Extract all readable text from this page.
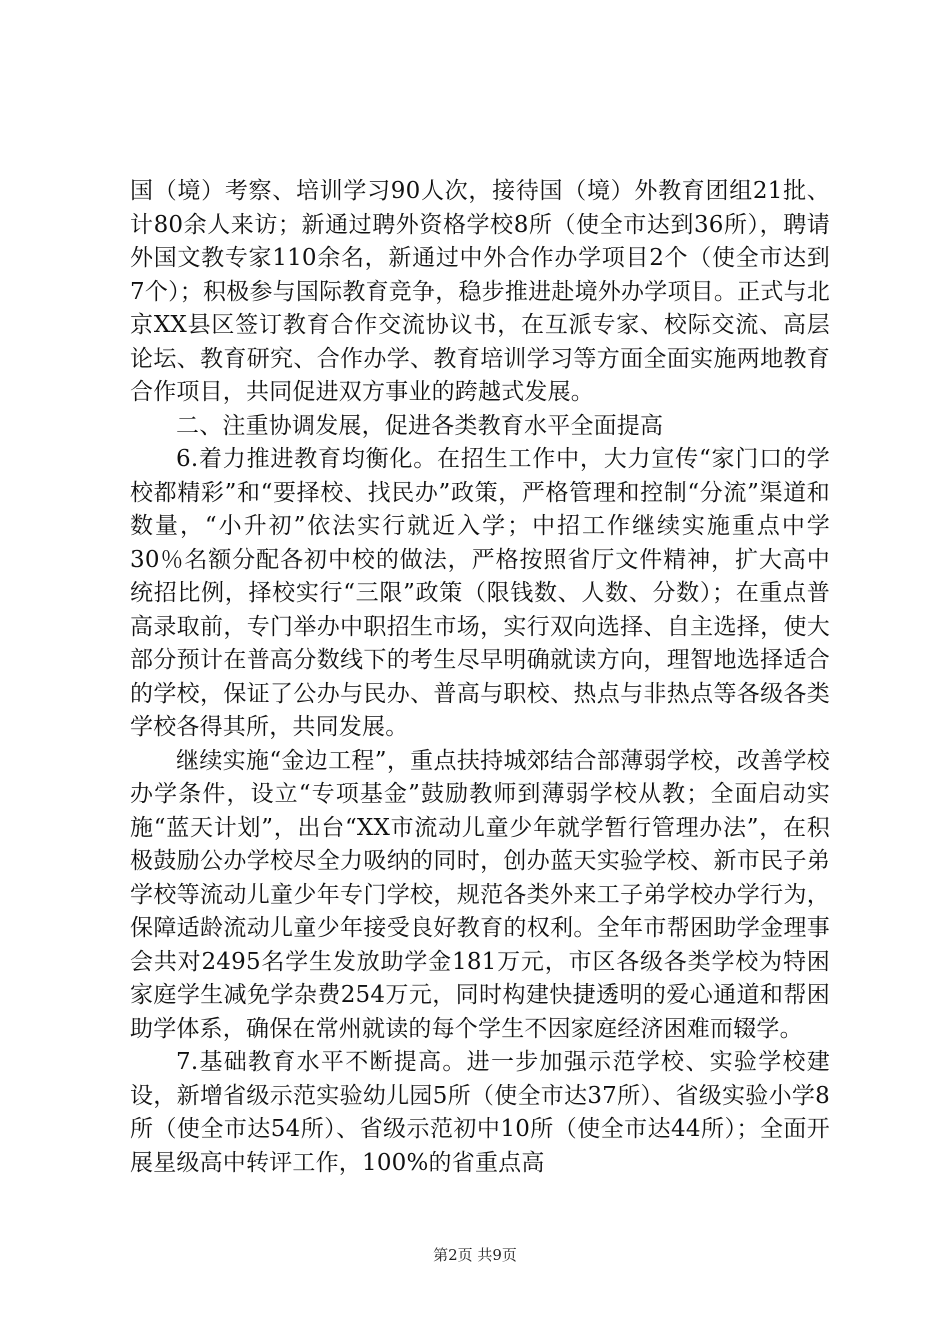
国（境）考察、培训学习90人次，接待国（境）外教育团组21批、计80余人来访；新通过聘外资格学校8所（使全市达到36所），聘请外国文教专家110余名，新通过中外合作办学项目2个（使全市达到7个）；积极参与国际教育竞争，稳步推进赴境外办学项目。正式与北京XX县区签订教育合作交流协议书，在互派专家、校际交流、高层论坛、教育研究、合作办学、教育培训学习等方面全面实施两地教育合作项目，共同促进双方事业的跨越式发展。

二、注重协调发展，促进各类教育水平全面提高

6.着力推进教育均衡化。在招生工作中，大力宣传“家门口的学校都精彩”和“要择校、找民办”政策，严格管理和控制“分流”渠道和数量，“小升初”依法实行就近入学；中招工作继续实施重点中学30％名额分配各初中校的做法，严格按照省厅文件精神，扩大高中统招比例，择校实行“三限”政策（限钱数、人数、分数）；在重点普高录取前，专门举办中职招生市场，实行双向选择、自主选择，使大部分预计在普高分数线下的考生尽早明确就读方向，理智地选择适合的学校，保证了公办与民办、普高与职校、热点与非热点等各级各类学校各得其所，共同发展。

继续实施“金边工程”，重点扶持城郊结合部薄弱学校，改善学校办学条件，设立“专项基金”鼓励教师到薄弱学校从教；全面启动实施“蓝天计划”，出台“XX市流动儿童少年就学暂行管理办法”，在积极鼓励公办学校尽全力吸纳的同时，创办蓝天实验学校、新市民子弟学校等流动儿童少年专门学校，规范各类外来工子弟学校办学行为，保障适龄流动儿童少年接受良好教育的权利。全年市帮困助学金理事会共对2495名学生发放助学金181万元，市区各级各类学校为特困家庭学生减免学杂费254万元，同时构建快捷透明的爱心通道和帮困助学体系，确保在常州就读的每个学生不因家庭经济困难而辍学。

7.基础教育水平不断提高。进一步加强示范学校、实验学校建设，新增省级示范实验幼儿园5所（使全市达37所）、省级实验小学8所（使全市达54所）、省级示范初中10所（使全市达44所）；全面开展星级高中转评工作，100%的省重点高

第2页 共9页
